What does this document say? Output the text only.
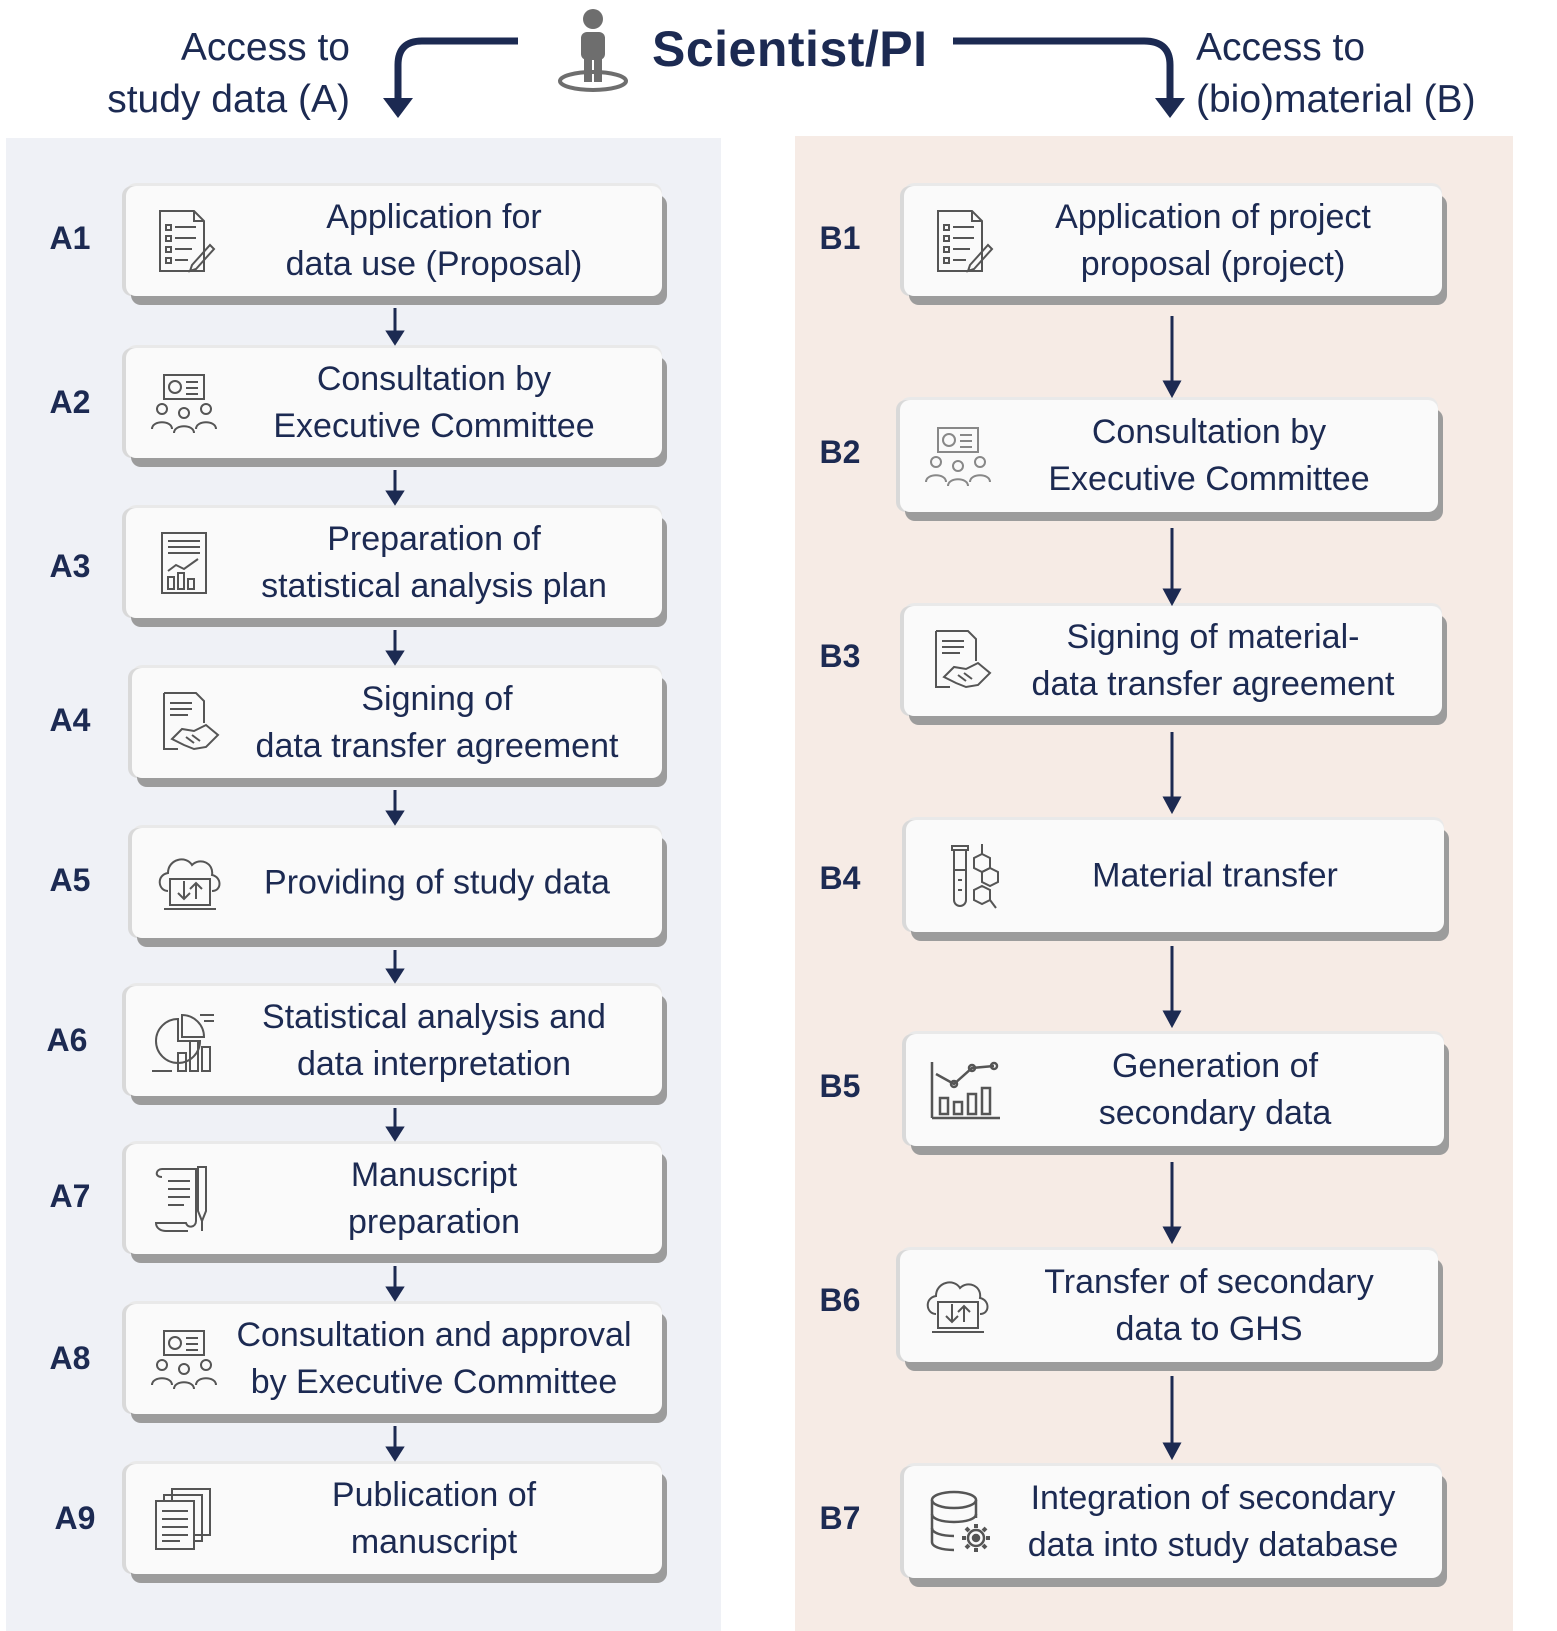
Access to
study data (A)
Access to
(bio)material (B)
Scientist/PI
A1
Application for
data use (Proposal)
A2
Consultation by
Executive Committee
A3
Preparation of
statistical analysis plan
A4
Signing of
data transfer agreement
A5	Providing of study data
A6
Statistical analysis and
data interpretation
A7
Manuscript
preparation
A8
Consultation and approval
by Executive Committee
A9
Publication of
manuscript
B1
Application of project
proposal (project)
B2
Consultation by
Executive Committee
B3	Signing of material-
data transfer agreement
B4	Material transfer
B5
Generation of
secondary data
B6	Transfer of secondary
data to GHS
B7
Integration of secondary
data into study database
